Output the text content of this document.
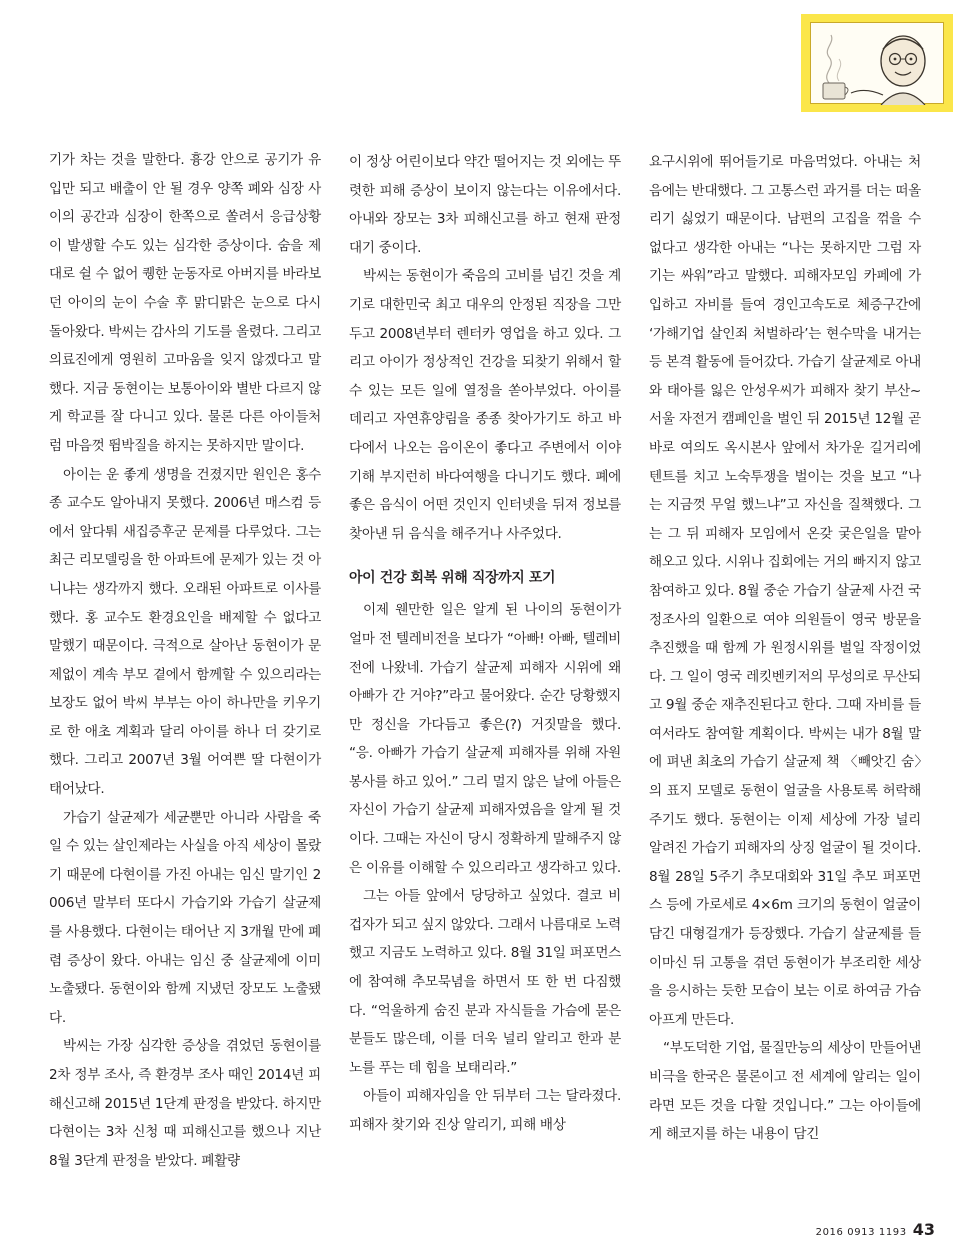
기가 차는 것을 말한다. 흉강 안으로 공기가 유입만 되고 배출이 안 될 경우 양쪽 폐와 심장 사이의 공간과 심장이 한쪽으로 쏠려서 응급상황이 발생할 수도 있는 심각한 증상이다. 숨을 제대로 쉴 수 없어 퀭한 눈동자로 아버지를 바라보던 아이의 눈이 수술 후 맑디맑은 눈으로 다시 돌아왔다. 박씨는 감사의 기도를 올렸다. 그리고 의료진에게 영원히 고마움을 잊지 않겠다고 말했다. 지금 동현이는 보통아이와 별반 다르지 않게 학교를 잘 다니고 있다. 물론 다른 아이들처럼 마음껏 뜀박질을 하지는 못하지만 말이다.

아이는 운 좋게 생명을 건졌지만 원인은 홍수종 교수도 알아내지 못했다. 2006년 매스컴 등에서 앞다퉈 새집증후군 문제를 다루었다. 그는 최근 리모델링을 한 아파트에 문제가 있는 것 아니냐는 생각까지 했다. 오래된 아파트로 이사를 했다. 홍 교수도 환경요인을 배제할 수 없다고 말했기 때문이다. 극적으로 살아난 동현이가 문제없이 계속 부모 곁에서 함께할 수 있으리라는 보장도 없어 박씨 부부는 아이 하나만을 키우기로 한 애초 계획과 달리 아이를 하나 더 갖기로 했다. 그리고 2007년 3월 어여쁜 딸 다현이가 태어났다.

가습기 살균제가 세균뿐만 아니라 사람을 죽일 수 있는 살인제라는 사실을 아직 세상이 몰랐기 때문에 다현이를 가진 아내는 임신 말기인 2006년 말부터 또다시 가습기와 가습기 살균제를 사용했다. 다현이는 태어난 지 3개월 만에 폐렴 증상이 왔다. 아내는 임신 중 살균제에 이미 노출됐다. 동현이와 함께 지냈던 장모도 노출됐다.

박씨는 가장 심각한 증상을 겪었던 동현이를 2차 정부 조사, 즉 환경부 조사 때인 2014년 피해신고해 2015년 1단계 판정을 받았다. 하지만 다현이는 3차 신청 때 피해신고를 했으나 지난 8월 3단계 판정을 받았다. 폐활량

이 정상 어린이보다 약간 떨어지는 것 외에는 뚜렷한 피해 증상이 보이지 않는다는 이유에서다. 아내와 장모는 3차 피해신고를 하고 현재 판정 대기 중이다.

박씨는 동현이가 죽음의 고비를 넘긴 것을 계기로 대한민국 최고 대우의 안정된 직장을 그만두고 2008년부터 렌터카 영업을 하고 있다. 그리고 아이가 정상적인 건강을 되찾기 위해서 할 수 있는 모든 일에 열정을 쏟아부었다. 아이를 데리고 자연휴양림을 종종 찾아가기도 하고 바다에서 나오는 음이온이 좋다고 주변에서 이야기해 부지런히 바다여행을 다니기도 했다. 폐에 좋은 음식이 어떤 것인지 인터넷을 뒤져 정보를 찾아낸 뒤 음식을 해주거나 사주었다.

아이 건강 회복 위해 직장까지 포기

이제 웬만한 일은 알게 된 나이의 동현이가 얼마 전 텔레비전을 보다가 “아빠! 아빠, 텔레비전에 나왔네. 가습기 살균제 피해자 시위에 왜 아빠가 간 거야?”라고 물어왔다. 순간 당황했지만 정신을 가다듬고 좋은(?) 거짓말을 했다. “응. 아빠가 가습기 살균제 피해자를 위해 자원봉사를 하고 있어.” 그리 멀지 않은 날에 아들은 자신이 가습기 살균제 피해자였음을 알게 될 것이다. 그때는 자신이 당시 정확하게 말해주지 않은 이유를 이해할 수 있으리라고 생각하고 있다.

그는 아들 앞에서 당당하고 싶었다. 결코 비겁자가 되고 싶지 않았다. 그래서 나름대로 노력했고 지금도 노력하고 있다. 8월 31일 퍼포먼스에 참여해 추모묵념을 하면서 또 한 번 다짐했다. “억울하게 숨진 분과 자식들을 가슴에 묻은 분들도 많은데, 이를 더욱 널리 알리고 한과 분노를 푸는 데 힘을 보태리라.”

아들이 피해자임을 안 뒤부터 그는 달라졌다. 피해자 찾기와 진상 알리기, 피해 배상

요구시위에 뛰어들기로 마음먹었다. 아내는 처음에는 반대했다. 그 고통스런 과거를 더는 떠올리기 싫었기 때문이다. 남편의 고집을 꺾을 수 없다고 생각한 아내는 “나는 못하지만 그럼 자기는 싸워”라고 말했다. 피해자모임 카페에 가입하고 자비를 들여 경인고속도로 체증구간에 ‘가해기업 살인죄 처벌하라’는 현수막을 내거는 등 본격 활동에 들어갔다. 가습기 살균제로 아내와 태아를 잃은 안성우씨가 피해자 찾기 부산~서울 자전거 캠페인을 벌인 뒤 2015년 12월 곧바로 여의도 옥시본사 앞에서 차가운 길거리에 텐트를 치고 노숙투쟁을 벌이는 것을 보고 “나는 지금껏 무얼 했느냐”고 자신을 질책했다. 그는 그 뒤 피해자 모임에서 온갖 궂은일을 맡아 해오고 있다. 시위나 집회에는 거의 빠지지 않고 참여하고 있다. 8월 중순 가습기 살균제 사건 국정조사의 일환으로 여야 의원들이 영국 방문을 추진했을 때 함께 가 원정시위를 벌일 작정이었다. 그 일이 영국 레킷벤키저의 무성의로 무산되고 9월 중순 재추진된다고 한다. 그때 자비를 들여서라도 참여할 계획이다. 박씨는 내가 8월 말에 펴낸 최초의 가습기 살균제 책 〈빼앗긴 숨〉의 표지 모델로 동현이 얼굴을 사용토록 허락해주기도 했다. 동현이는 이제 세상에 가장 널리 알려진 가습기 피해자의 상징 얼굴이 될 것이다. 8월 28일 5주기 추모대회와 31일 추모 퍼포먼스 등에 가로세로 4×6m 크기의 동현이 얼굴이 담긴 대형걸개가 등장했다. 가습기 살균제를 들이마신 뒤 고통을 겪던 동현이가 부조리한 세상을 응시하는 듯한 모습이 보는 이로 하여금 가슴 아프게 만든다.

“부도덕한 기업, 물질만능의 세상이 만들어낸 비극을 한국은 물론이고 전 세계에 알리는 일이라면 모든 것을 다할 것입니다.” 그는 아이들에게 해코지를 하는 내용이 담긴

2016 0913 1193 43
